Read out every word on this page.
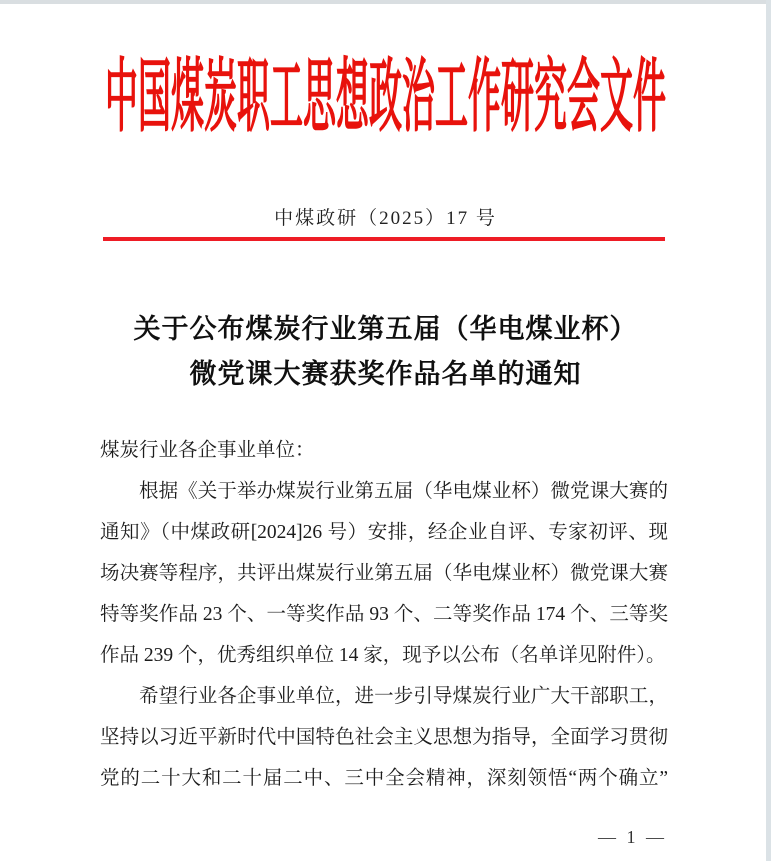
中国煤炭职工思想政治工作研究会文件
中煤政研（2025）17 号
关于公布煤炭行业第五届（华电煤业杯）
微党课大赛获奖作品名单的通知
煤炭行业各企事业单位：
根据《关于举办煤炭行业第五届（华电煤业杯）微党课大赛的
通知》（中煤政研[2024]26 号）安排，经企业自评、专家初评、现
场决赛等程序，共评出煤炭行业第五届（华电煤业杯）微党课大赛
特等奖作品 23 个、一等奖作品 93 个、二等奖作品 174 个、三等奖
作品 239 个，优秀组织单位 14 家，现予以公布（名单详见附件）。
希望行业各企事业单位，进一步引导煤炭行业广大干部职工，
坚持以习近平新时代中国特色社会主义思想为指导，全面学习贯彻
党的二十大和二十届二中、三中全会精神，深刻领悟“两个确立”
— 1 —
